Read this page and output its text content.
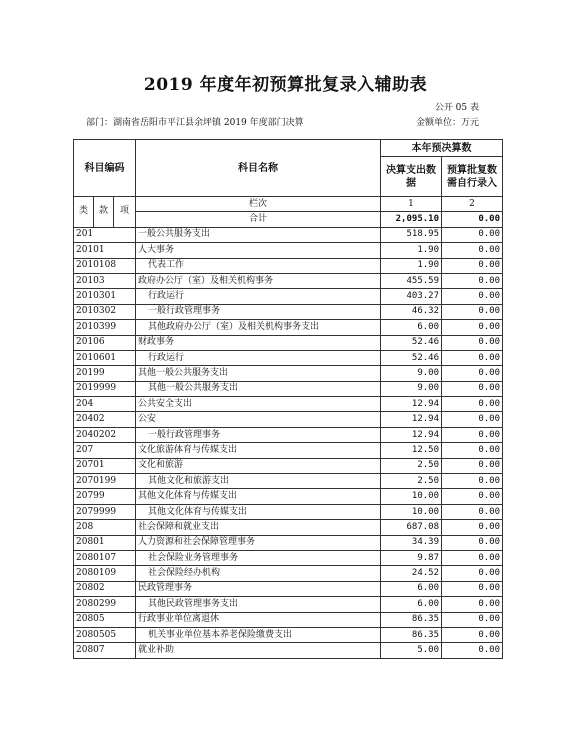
2019 年度年初预算批复录入辅助表
公开 05 表
部门：湖南省岳阳市平江县余坪镇 2019 年度部门决算	金额单位：万元
科目编码			科目名称	本年预决算数	
				决算支出数据	预算批复数需自行录入
类	款	项	栏次	1	2
			合计	2,095.10	0.00
201			一般公共服务支出	518.95	0.00
20101			人大事务	1.90	0.00
2010108			代表工作	1.90	0.00
20103			政府办公厅（室）及相关机构事务	455.59	0.00
2010301			行政运行	403.27	0.00
2010302			一般行政管理事务	46.32	0.00
2010399			其他政府办公厅（室）及相关机构事务支出	6.00	0.00
20106			财政事务	52.46	0.00
2010601			行政运行	52.46	0.00
20199			其他一般公共服务支出	9.00	0.00
2019999			其他一般公共服务支出	9.00	0.00
204			公共安全支出	12.94	0.00
20402			公安	12.94	0.00
2040202			一般行政管理事务	12.94	0.00
207			文化旅游体育与传媒支出	12.50	0.00
20701			文化和旅游	2.50	0.00
2070199			其他文化和旅游支出	2.50	0.00
20799			其他文化体育与传媒支出	10.00	0.00
2079999			其他文化体育与传媒支出	10.00	0.00
208			社会保障和就业支出	687.08	0.00
20801			人力资源和社会保障管理事务	34.39	0.00
2080107			社会保险业务管理事务	9.87	0.00
2080109			社会保险经办机构	24.52	0.00
20802			民政管理事务	6.00	0.00
2080299			其他民政管理事务支出	6.00	0.00
20805			行政事业单位离退休	86.35	0.00
2080505			机关事业单位基本养老保险缴费支出	86.35	0.00
20807			就业补助	5.00	0.00
